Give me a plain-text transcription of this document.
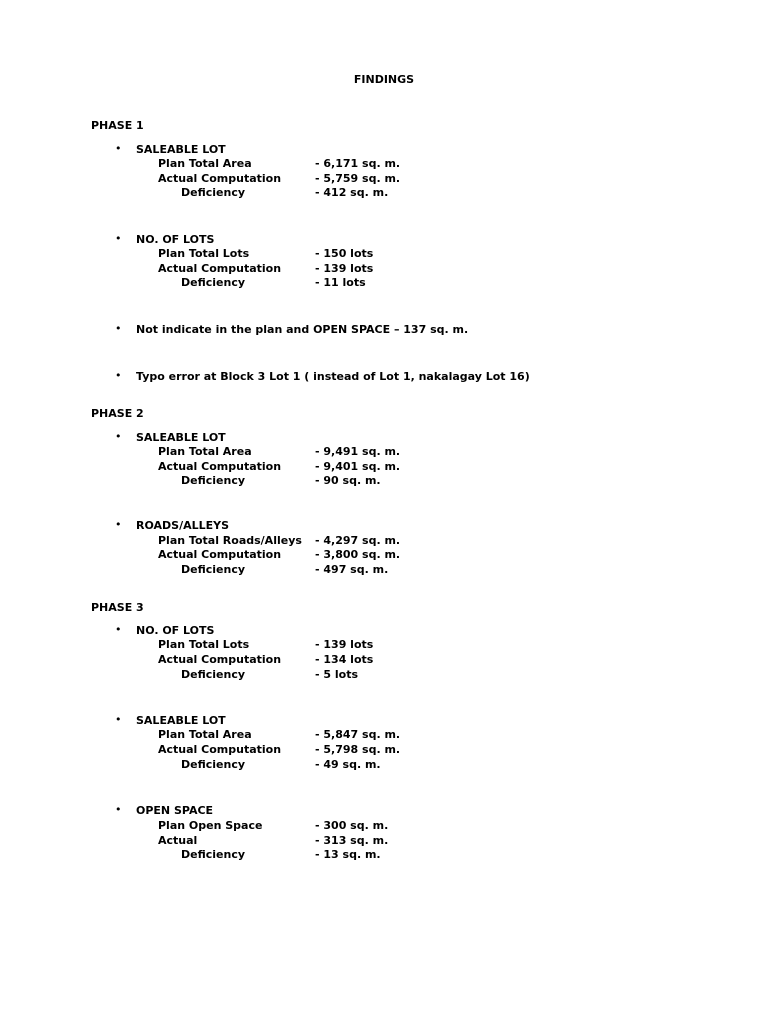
FINDINGS
PHASE 1
• SALEABLE LOT
Plan Total Area	- 6,171 sq. m.
Actual Computation	- 5,759 sq. m.
Deficiency	- 412 sq. m.
• NO. OF LOTS
Plan Total Lots	- 150 lots
Actual Computation	- 139 lots
Deficiency	- 11 lots
• Not indicate in the plan and OPEN SPACE – 137 sq. m.
• Typo error at Block 3 Lot 1 ( instead of Lot 1, nakalagay Lot 16)
PHASE 2
• SALEABLE LOT
Plan Total Area	- 9,491 sq. m.
Actual Computation	- 9,401 sq. m.
Deficiency	- 90 sq. m.
• ROADS/ALLEYS
Plan Total Roads/Alleys - 4,297 sq. m.
Actual Computation	- 3,800 sq. m.
Deficiency	- 497 sq. m.
PHASE 3
• NO. OF LOTS
Plan Total Lots	- 139 lots
Actual Computation	- 134 lots
Deficiency	- 5 lots
• SALEABLE LOT
Plan Total Area	- 5,847 sq. m.
Actual Computation	- 5,798 sq. m.
Deficiency	- 49 sq. m.
• OPEN SPACE
Plan Open Space	- 300 sq. m.
Actual	- 313 sq. m.
Deficiency	- 13 sq. m.
